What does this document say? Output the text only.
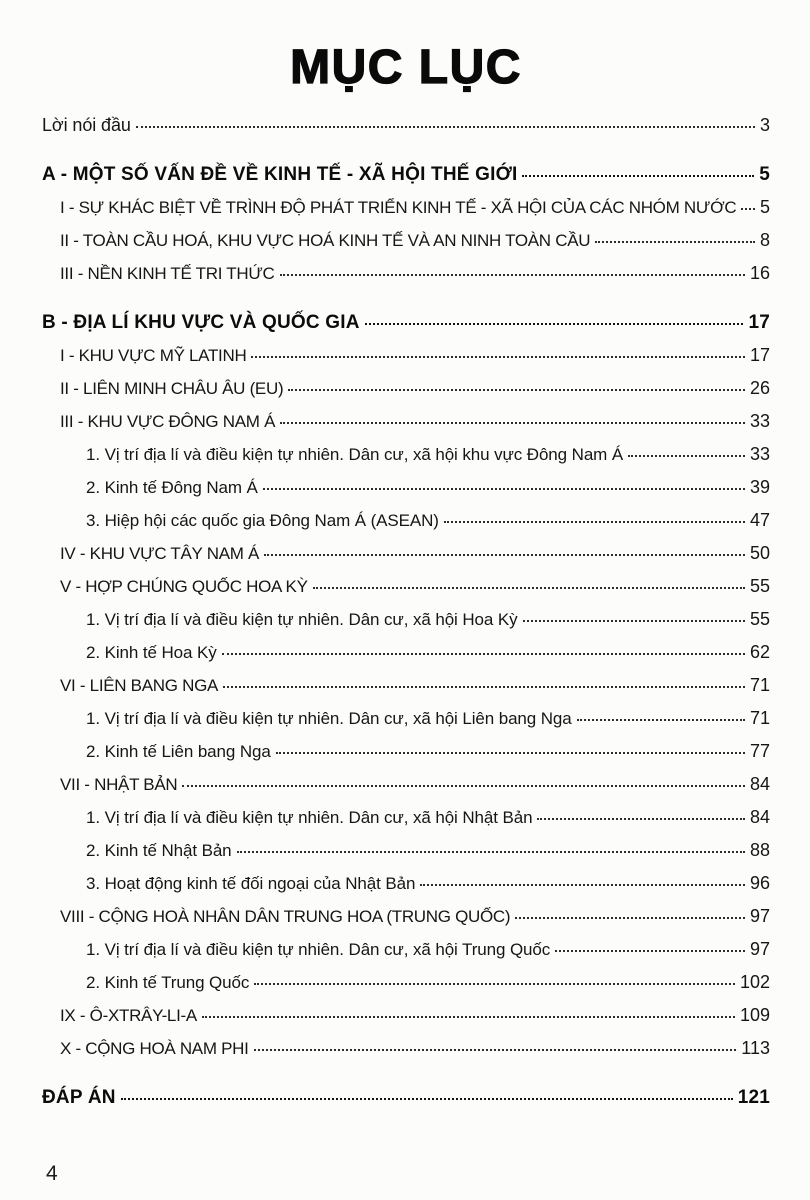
MỤC LỤC
Lời nói đầu	3
A - MỘT SỐ VẤN ĐỀ VỀ KINH TẾ - XÃ HỘI THẾ GIỚI	5
I - SỰ KHÁC BIỆT VỀ TRÌNH ĐỘ PHÁT TRIỂN KINH TẾ - XÃ HỘI CỦA CÁC NHÓM NƯỚC 5
II - TOÀN CẦU HOÁ, KHU VỰC HOÁ KINH TẾ VÀ AN NINH TOÀN CẦU	8
III - NỀN KINH TẾ TRI THỨC	16
B - ĐỊA LÍ KHU VỰC VÀ QUỐC GIA	17
I - KHU VỰC MỸ LATINH	17
II - LIÊN MINH CHÂU ÂU (EU)	26
III - KHU VỰC ĐÔNG NAM Á	33
1. Vị trí địa lí và điều kiện tự nhiên. Dân cư, xã hội khu vực Đông Nam Á	33
2. Kinh tế Đông Nam Á	39
3. Hiệp hội các quốc gia Đông Nam Á (ASEAN)	47
IV - KHU VỰC TÂY NAM Á	50
V - HỢP CHÚNG QUỐC HOA KỲ	55
1. Vị trí địa lí và điều kiện tự nhiên. Dân cư, xã hội Hoa Kỳ	55
2. Kinh tế Hoa Kỳ	62
VI - LIÊN BANG NGA	71
1. Vị trí địa lí và điều kiện tự nhiên. Dân cư, xã hội Liên bang Nga	71
2. Kinh tế Liên bang Nga	77
VII - NHẬT BẢN	84
1. Vị trí địa lí và điều kiện tự nhiên. Dân cư, xã hội Nhật Bản	84
2. Kinh tế Nhật Bản	88
3. Hoạt động kinh tế đối ngoại của Nhật Bản	96
VIII - CỘNG HOÀ NHÂN DÂN TRUNG HOA (TRUNG QUỐC)	97
1. Vị trí địa lí và điều kiện tự nhiên. Dân cư, xã hội Trung Quốc	97
2. Kinh tế Trung Quốc	102
IX - Ô-XTRÂY-LI-A	109
X - CỘNG HOÀ NAM PHI	113
ĐÁP ÁN	121
4
